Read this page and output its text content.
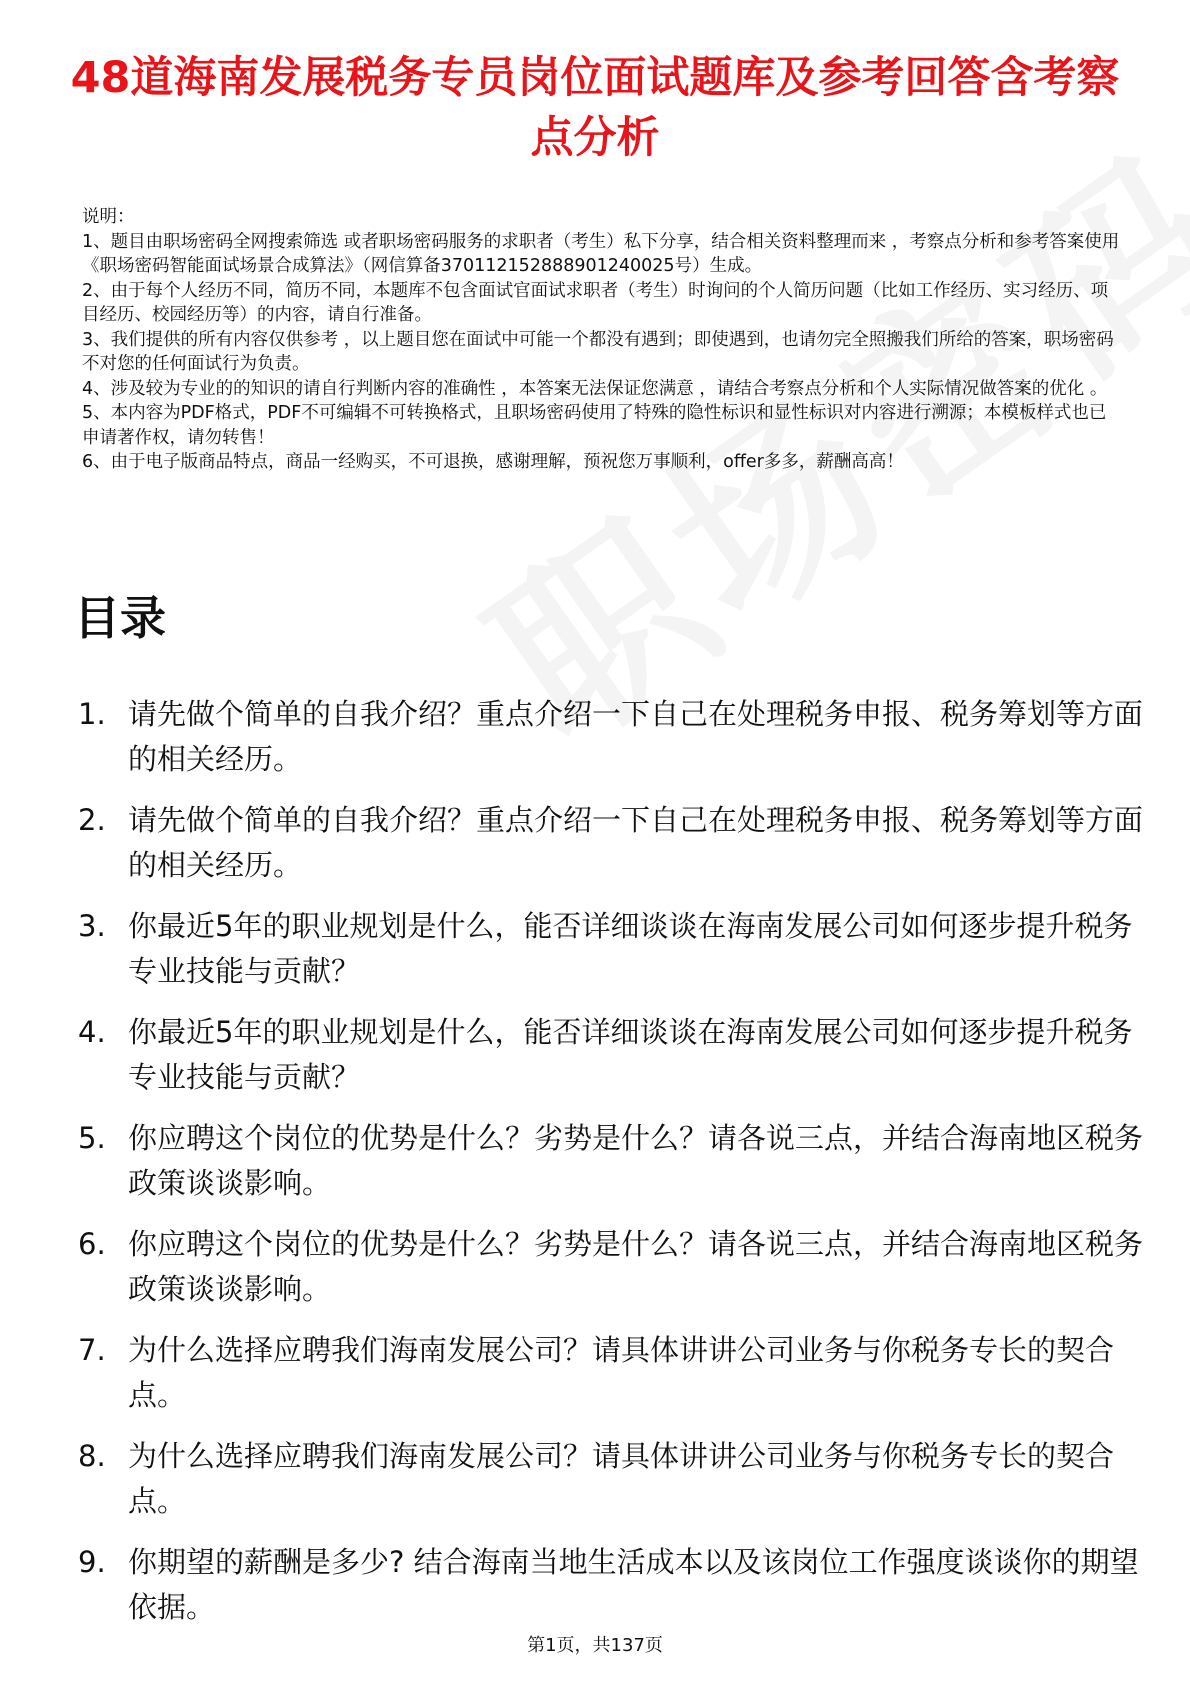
48道海南发展税务专员岗位面试题库及参考回答含考察点分析

说明：

1、题目由职场密码全网搜索筛选 或者职场密码服务的求职者（考生）私下分享，结合相关资料整理而来 ，考察点分析和参考答案使用《职场密码智能面试场景合成算法》（网信算备370112152888901240025号）生成。

2、由于每个人经历不同，简历不同，本题库不包含面试官面试求职者（考生）时询问的个人简历问题（比如工作经历、实习经历、项目经历、校园经历等）的内容，请自行准备。

3、我们提供的所有内容仅供参考 ，以上题目您在面试中可能一个都没有遇到；即使遇到，也请勿完全照搬我们所给的答案，职场密码不对您的任何面试行为负责。

4、涉及较为专业的的知识的请自行判断内容的准确性 ，本答案无法保证您满意 ，请结合考察点分析和个人实际情况做答案的优化 。

5、本内容为PDF格式，PDF不可编辑不可转换格式，且职场密码使用了特殊的隐性标识和显性标识对内容进行溯源；本模板样式也已申请著作权，请勿转售！

6、由于电子版商品特点，商品一经购买，不可退换，感谢理解，预祝您万事顺利，offer多多，薪酬高高！

目录
1. 请先做个简单的自我介绍？重点介绍一下自己在处理税务申报、税务筹划等方面的相关经历。
2. 请先做个简单的自我介绍？重点介绍一下自己在处理税务申报、税务筹划等方面的相关经历。
3. 你最近5年的职业规划是什么，能否详细谈谈在海南发展公司如何逐步提升税务专业技能与贡献？
4. 你最近5年的职业规划是什么，能否详细谈谈在海南发展公司如何逐步提升税务专业技能与贡献？
5. 你应聘这个岗位的优势是什么？劣势是什么？请各说三点，并结合海南地区税务政策谈谈影响。
6. 你应聘这个岗位的优势是什么？劣势是什么？请各说三点，并结合海南地区税务政策谈谈影响。
7. 为什么选择应聘我们海南发展公司？请具体讲讲公司业务与你税务专长的契合点。
8. 为什么选择应聘我们海南发展公司？请具体讲讲公司业务与你税务专长的契合点。
9. 你期望的薪酬是多少? 结合海南当地生活成本以及该岗位工作强度谈谈你的期望依据。
第1页，共137页
